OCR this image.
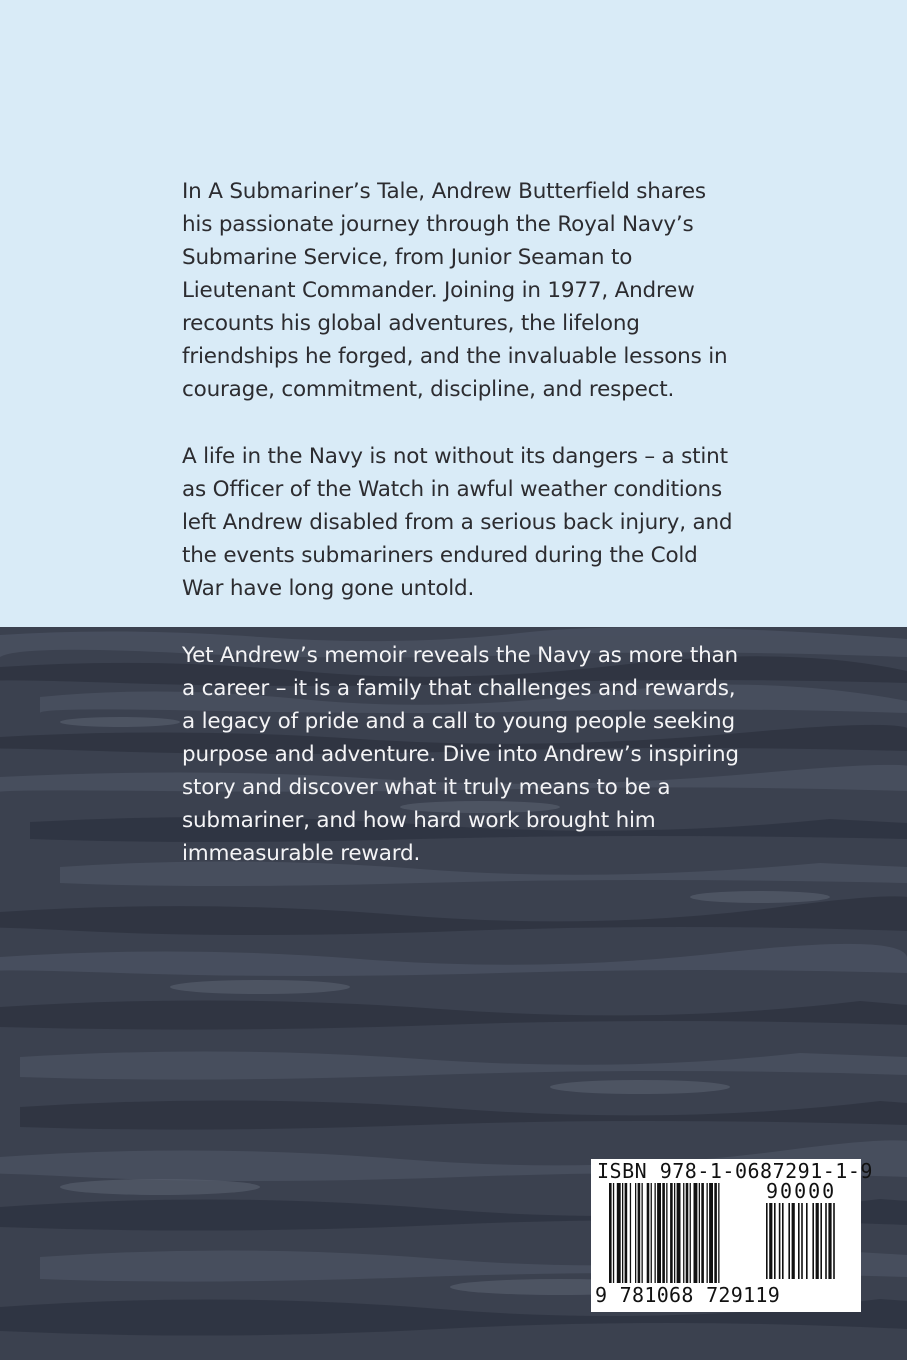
In A Submariner’s Tale, Andrew Butterfield shares his passionate journey through the Royal Navy’s Submarine Service, from Junior Seaman to Lieutenant Commander. Joining in 1977, Andrew recounts his global adventures, the lifelong friendships he forged, and the invaluable lessons in courage, commitment, discipline, and respect.

A life in the Navy is not without its dangers – a stint as Officer of the Watch in awful weather conditions left Andrew disabled from a serious back injury, and the events submariners endured during the Cold War have long gone untold.

Yet Andrew’s memoir reveals the Navy as more than a career – it is a family that challenges and rewards, a legacy of pride and a call to young people seeking purpose and adventure. Dive into Andrew’s inspiring story and discover what it truly means to be a submariner, and how hard work brought him immeasurable reward.

ISBN 978-1-0687291-1-9
90000
9 781068 729119
